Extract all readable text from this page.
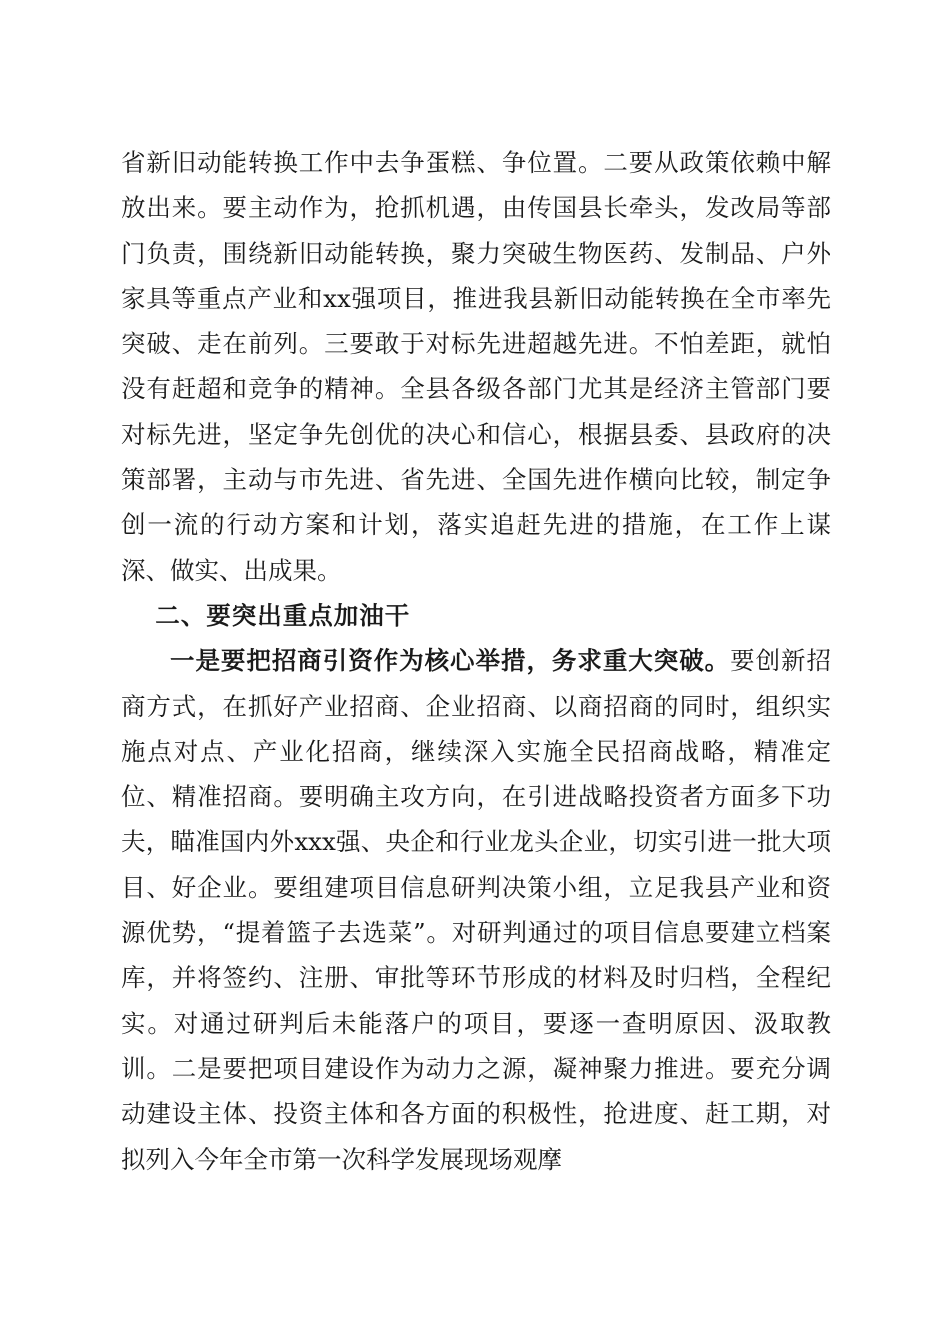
省新旧动能转换工作中去争蛋糕、争位置。二要从政策依赖中解放出来。要主动作为，抢抓机遇，由传国县长牵头，发改局等部门负责，围绕新旧动能转换，聚力突破生物医药、发制品、户外家具等重点产业和xx强项目，推进我县新旧动能转换在全市率先突破、走在前列。三要敢于对标先进超越先进。不怕差距，就怕没有赶超和竞争的精神。全县各级各部门尤其是经济主管部门要对标先进，坚定争先创优的决心和信心，根据县委、县政府的决策部署，主动与市先进、省先进、全国先进作横向比较，制定争创一流的行动方案和计划，落实追赶先进的措施，在工作上谋深、做实、出成果。

二、要突出重点加油干

一是要把招商引资作为核心举措，务求重大突破。要创新招商方式，在抓好产业招商、企业招商、以商招商的同时，组织实施点对点、产业化招商，继续深入实施全民招商战略，精准定位、精准招商。要明确主攻方向，在引进战略投资者方面多下功夫，瞄准国内外xxx强、央企和行业龙头企业，切实引进一批大项目、好企业。要组建项目信息研判决策小组，立足我县产业和资源优势，“提着篮子去选菜”。对研判通过的项目信息要建立档案库，并将签约、注册、审批等环节形成的材料及时归档，全程纪实。对通过研判后未能落户的项目，要逐一查明原因、汲取教训。二是要把项目建设作为动力之源，凝神聚力推进。要充分调动建设主体、投资主体和各方面的积极性，抢进度、赶工期，对拟列入今年全市第一次科学发展现场观摩
